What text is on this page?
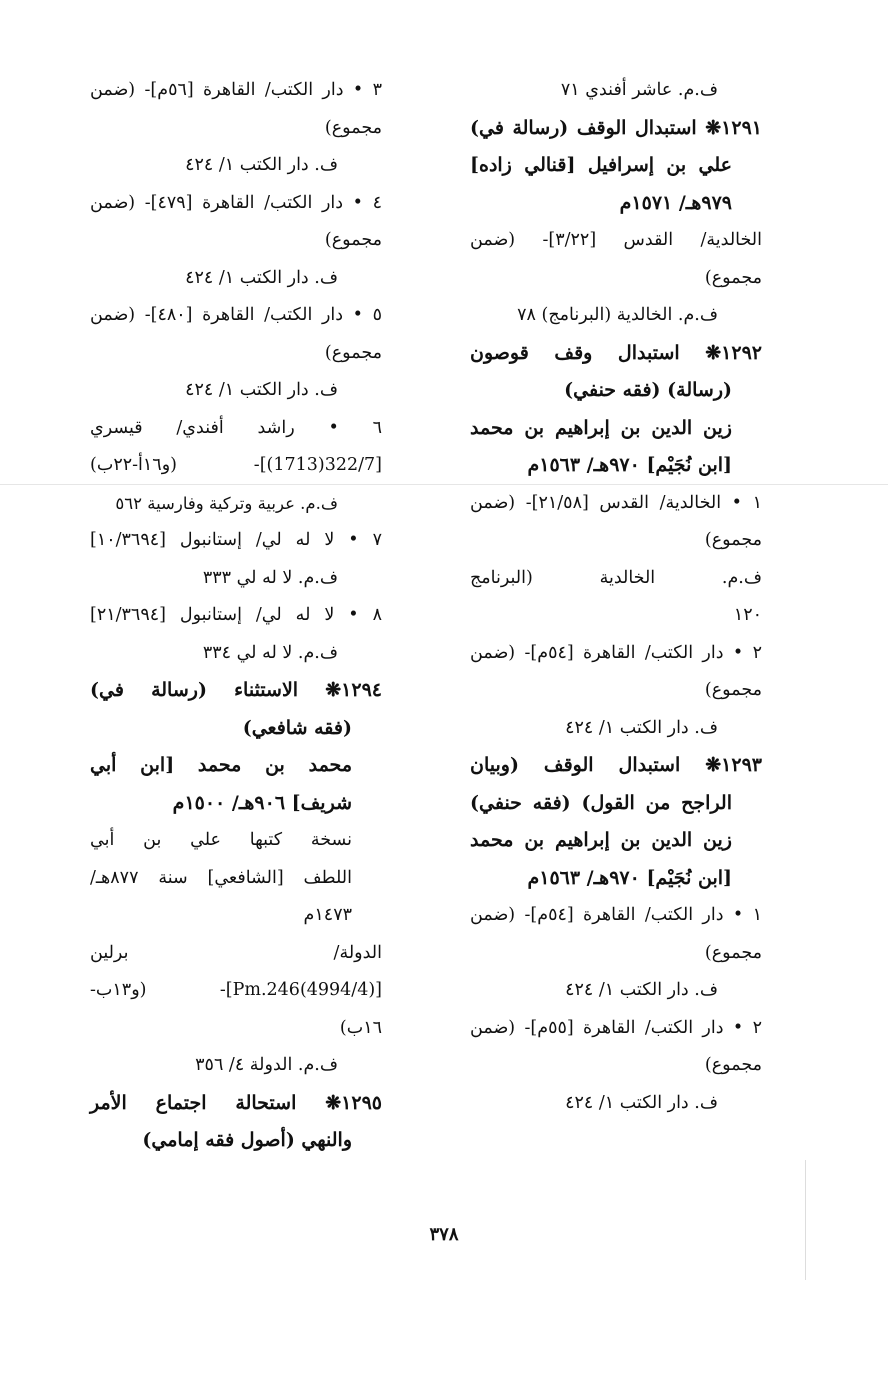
ف.م. عاشر أفندي ٧١
١٢٩١❋ استبدال الوقف (رسالة في)
علي بن إسرافيل [قنالي زاده]
٩٧٩هـ/ ١٥٧١م
الخالدية/ القدس [٣/٢٢]- (ضمن
مجموع)
ف.م. الخالدية (البرنامج) ٧٨
١٢٩٢❋ استبدال وقف قوصون
(رسالة) (فقه حنفي)
زين الدين بن إبراهيم بن محمد
[ابن نُجَيْم] ٩٧٠هـ/ ١٥٦٣م
١ • الخالدية/ القدس [٢١/٥٨]- (ضمن
مجموع)
ف.م. الخالدية (البرنامج
١٢٠
٢ • دار الكتب/ القاهرة [٥٤م]- (ضمن
مجموع)
ف. دار الكتب ١/ ٤٢٤
١٢٩٣❋ استبدال الوقف (وبيان
الراجح من القول) (فقه حنفي)
زين الدين بن إبراهيم بن محمد
[ابن نُجَيْم] ٩٧٠هـ/ ١٥٦٣م
١ • دار الكتب/ القاهرة [٥٤م]- (ضمن
مجموع)
ف. دار الكتب ١/ ٤٢٤
٢ • دار الكتب/ القاهرة [٥٥م]- (ضمن
مجموع)
ف. دار الكتب ١/ ٤٢٤
٣ • دار الكتب/ القاهرة [٥٦م]- (ضمن
مجموع)
ف. دار الكتب ١/ ٤٢٤
٤ • دار الكتب/ القاهرة [٤٧٩]- (ضمن
مجموع)
ف. دار الكتب ١/ ٤٢٤
٥ • دار الكتب/ القاهرة [٤٨٠]- (ضمن
مجموع)
ف. دار الكتب ١/ ٤٢٤
٦ • راشد أفندي/ قيسري
[322/7(1713)]- (و١٦أ-٢٢ب)
ف.م. عربية وتركية وفارسية ٥٦٢
٧ • لا له لي/ إستانبول [١٠/٣٦٩٤]
ف.م. لا له لي ٣٣٣
٨ • لا له لي/ إستانبول [٢١/٣٦٩٤]
ف.م. لا له لي ٣٣٤
١٢٩٤❋ الاستثناء (رسالة في)
(فقه شافعي)
محمد بن محمد [ابن أبي
شريف] ٩٠٦هـ/ ١٥٠٠م
نسخة كتبها علي بن أبي
اللطف [الشافعي] سنة ٨٧٧هـ/
١٤٧٣م
الدولة/ برلين
[Pm.246(4994/4)]- (و١٣ب-
١٦ب)
ف.م. الدولة ٤/ ٣٥٦
١٢٩٥❋ استحالة اجتماع الأمر
والنهي (أصول فقه إمامي)
٣٧٨
